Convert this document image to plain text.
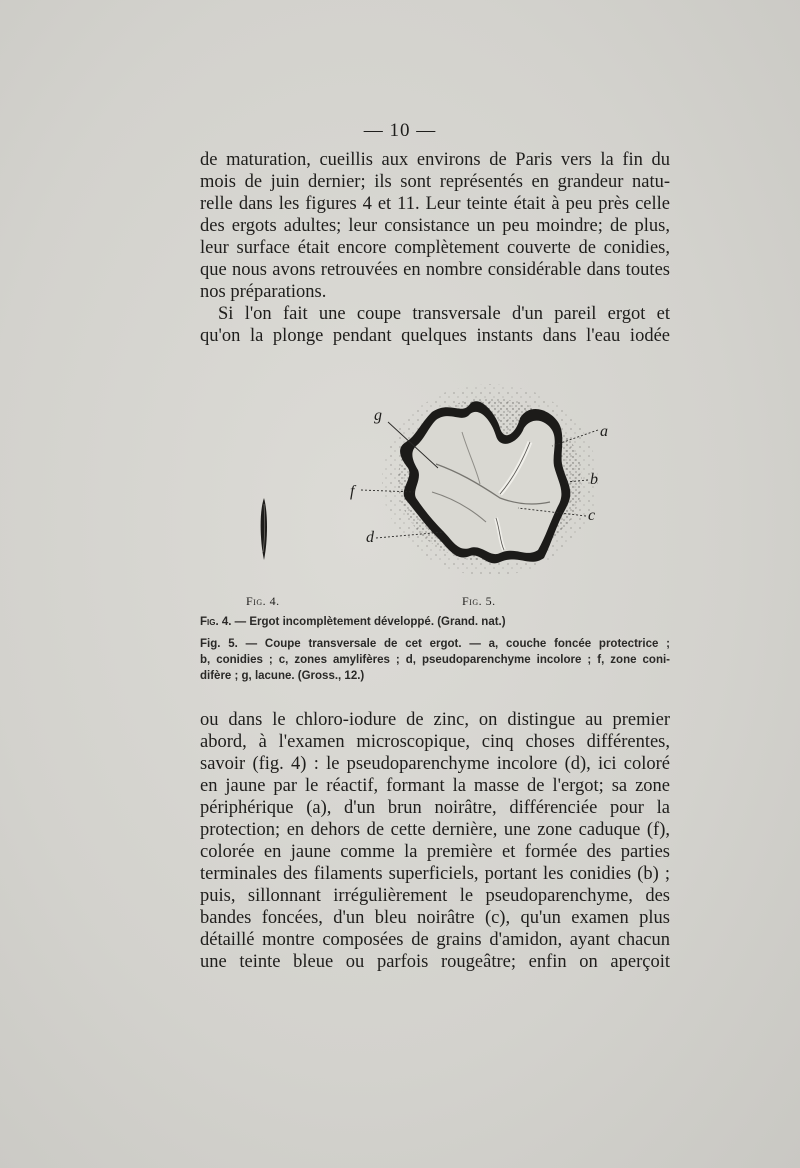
— 10 —

de maturation, cueillis aux environs de Paris vers la fin du
mois de juin dernier; ils sont représentés en grandeur natu-
relle dans les figures 4 et 11. Leur teinte était à peu près celle
des ergots adultes; leur consistance un peu moindre; de plus,
leur surface était encore complètement couverte de conidies,
que nous avons retrouvées en nombre considérable dans toutes
nos préparations.

Si l'on fait une coupe transversale d'un pareil ergot et
qu'on la plonge pendant quelques instants dans l'eau iodée

g
f
d
a
b
c
Fig. 4.	Fig. 5.
Fig. 4. — Ergot incomplètement développé. (Grand. nat.)
Fig. 5. — Coupe transversale de cet ergot. — a, couche foncée protectrice ;
b, conidies ; c, zones amylifères ; d, pseudoparenchyme incolore ; f, zone coni-
difère ; g, lacune. (Gross., 12.)

ou dans le chloro-iodure de zinc, on distingue au premier
abord, à l'examen microscopique, cinq choses différentes,
savoir (fig. 4) : le pseudoparenchyme incolore (d), ici coloré
en jaune par le réactif, formant la masse de l'ergot; sa zone
périphérique (a), d'un brun noirâtre, différenciée pour la
protection; en dehors de cette dernière, une zone caduque (f),
colorée en jaune comme la première et formée des parties
terminales des filaments superficiels, portant les conidies (b) ;
puis, sillonnant irrégulièrement le pseudoparenchyme, des
bandes foncées, d'un bleu noirâtre (c), qu'un examen plus
détaillé montre composées de grains d'amidon, ayant chacun
une teinte bleue ou parfois rougeâtre; enfin on aperçoit
